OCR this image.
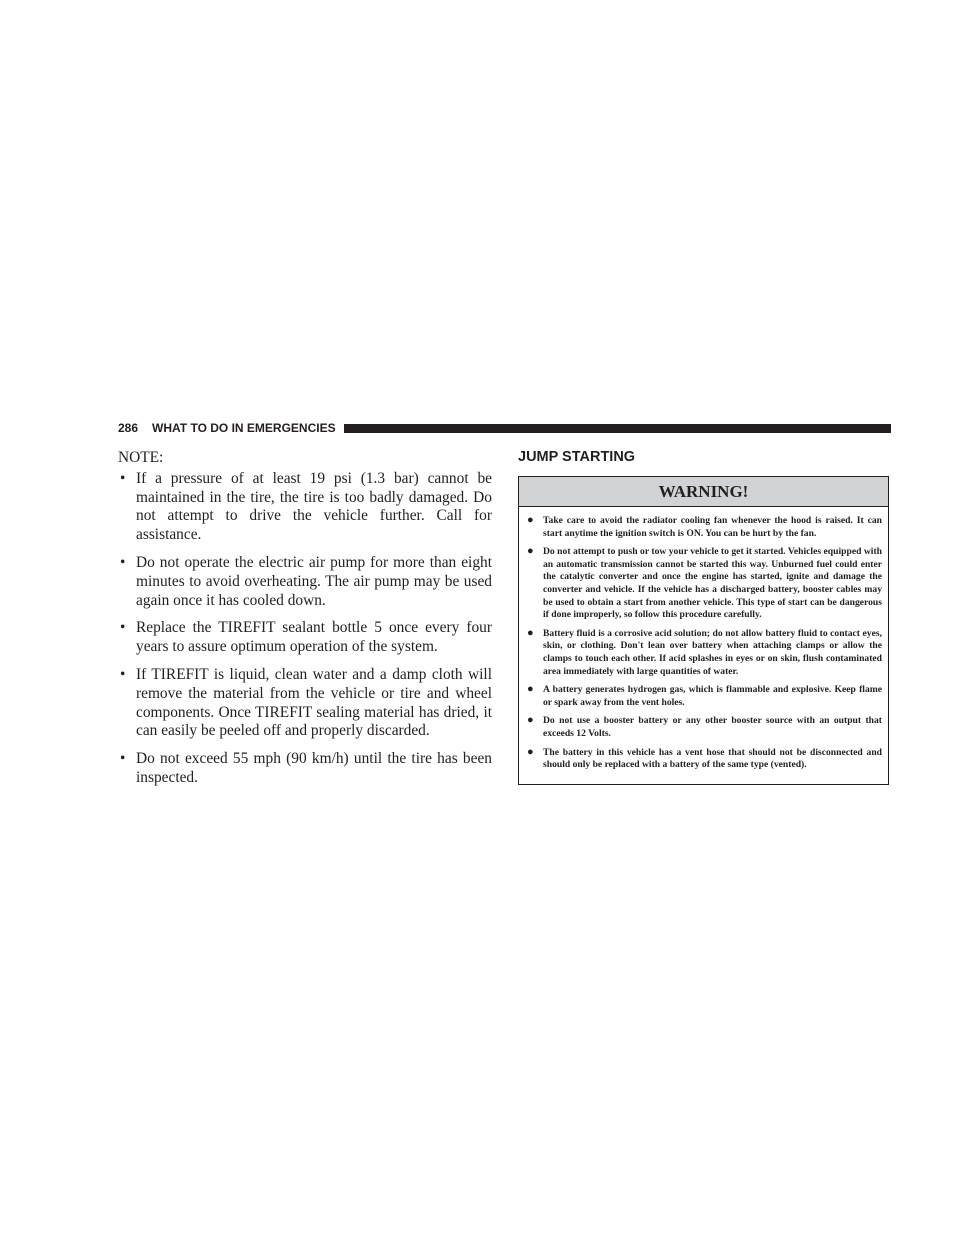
286 WHAT TO DO IN EMERGENCIES
NOTE:
• If a pressure of at least 19 psi (1.3 bar) cannot be maintained in the tire, the tire is too badly damaged. Do not attempt to drive the vehicle further. Call for assistance.
• Do not operate the electric air pump for more than eight minutes to avoid overheating. The air pump may be used again once it has cooled down.
• Replace the TIREFIT sealant bottle 5 once every four years to assure optimum operation of the system.
• If TIREFIT is liquid, clean water and a damp cloth will remove the material from the vehicle or tire and wheel components. Once TIREFIT sealing material has dried, it can easily be peeled off and properly discarded.
• Do not exceed 55 mph (90 km/h) until the tire has been inspected.
JUMP STARTING
WARNING!
● Take care to avoid the radiator cooling fan whenever the hood is raised. It can start anytime the ignition switch is ON. You can be hurt by the fan.
● Do not attempt to push or tow your vehicle to get it started. Vehicles equipped with an automatic transmission cannot be started this way. Unburned fuel could enter the catalytic converter and once the engine has started, ignite and damage the converter and vehicle. If the vehicle has a discharged battery, booster cables may be used to obtain a start from another vehicle. This type of start can be dangerous if done improperly, so follow this procedure carefully.
● Battery fluid is a corrosive acid solution; do not allow battery fluid to contact eyes, skin, or clothing. Don't lean over battery when attaching clamps or allow the clamps to touch each other. If acid splashes in eyes or on skin, flush contaminated area immediately with large quantities of water.
● A battery generates hydrogen gas, which is flammable and explosive. Keep flame or spark away from the vent holes.
● Do not use a booster battery or any other booster source with an output that exceeds 12 Volts.
● The battery in this vehicle has a vent hose that should not be disconnected and should only be replaced with a battery of the same type (vented).
